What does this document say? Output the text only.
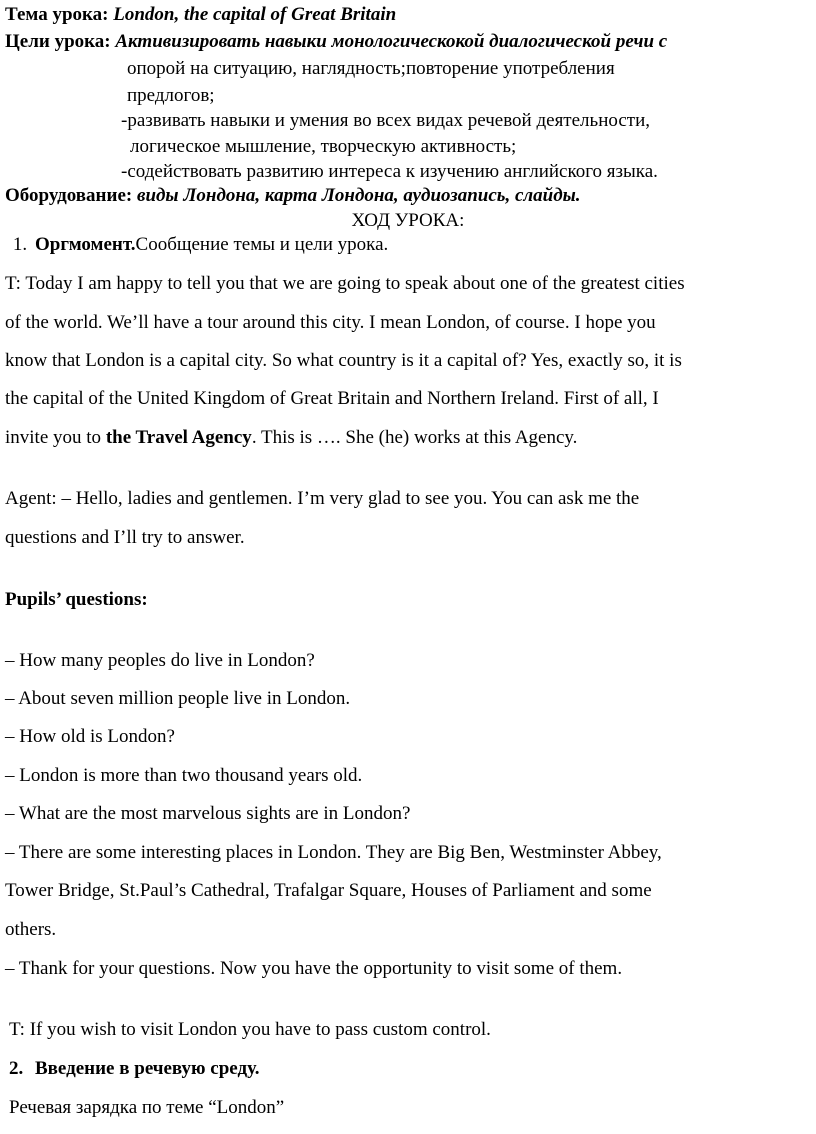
Тема урока: London, the capital of Great Britain
Цели урока: Активизировать навыки монологическокой диалогической речи с
опорой на ситуацию, наглядность;повторение употребления
предлогов;
-развивать навыки и умения во всех видах речевой деятельности,
логическое мышление, творческую активность;
-содействовать развитию интереса к изучению английского языка.
Оборудование: виды Лондона, карта Лондона, аудиозапись, слайды.
ХОД УРОКА:
1. Оргмомент.Сообщение темы и цели урока.
T: Today I am happy to tell you that we are going to speak about one of the greatest cities
of the world. We’ll have a tour around this city. I mean London, of course. I hope you
know that London is a capital city. So what country is it a capital of? Yes, exactly so, it is
the capital of the United Kingdom of Great Britain and Northern Ireland. First of all, I
invite you to the Travel Agency. This is …. She (he) works at this Agency.
Agent: – Hello, ladies and gentlemen. I’m very glad to see you. You can ask me the
questions and I’ll try to answer.
Pupils’ questions:
– How many peoples do live in London?
– About seven million people live in London.
– How old is London?
– London is more than two thousand years old.
– What are the most marvelous sights are in London?
– There are some interesting places in London. They are Big Ben, Westminster Abbey,
Tower Bridge, St.Paul’s Cathedral, Trafalgar Square, Houses of Parliament and some
others.
– Thank for your questions. Now you have the opportunity to visit some of them.
T: If you wish to visit London you have to pass custom control.
2. Введение в речевую среду.
Речевая зарядка по теме “London”
